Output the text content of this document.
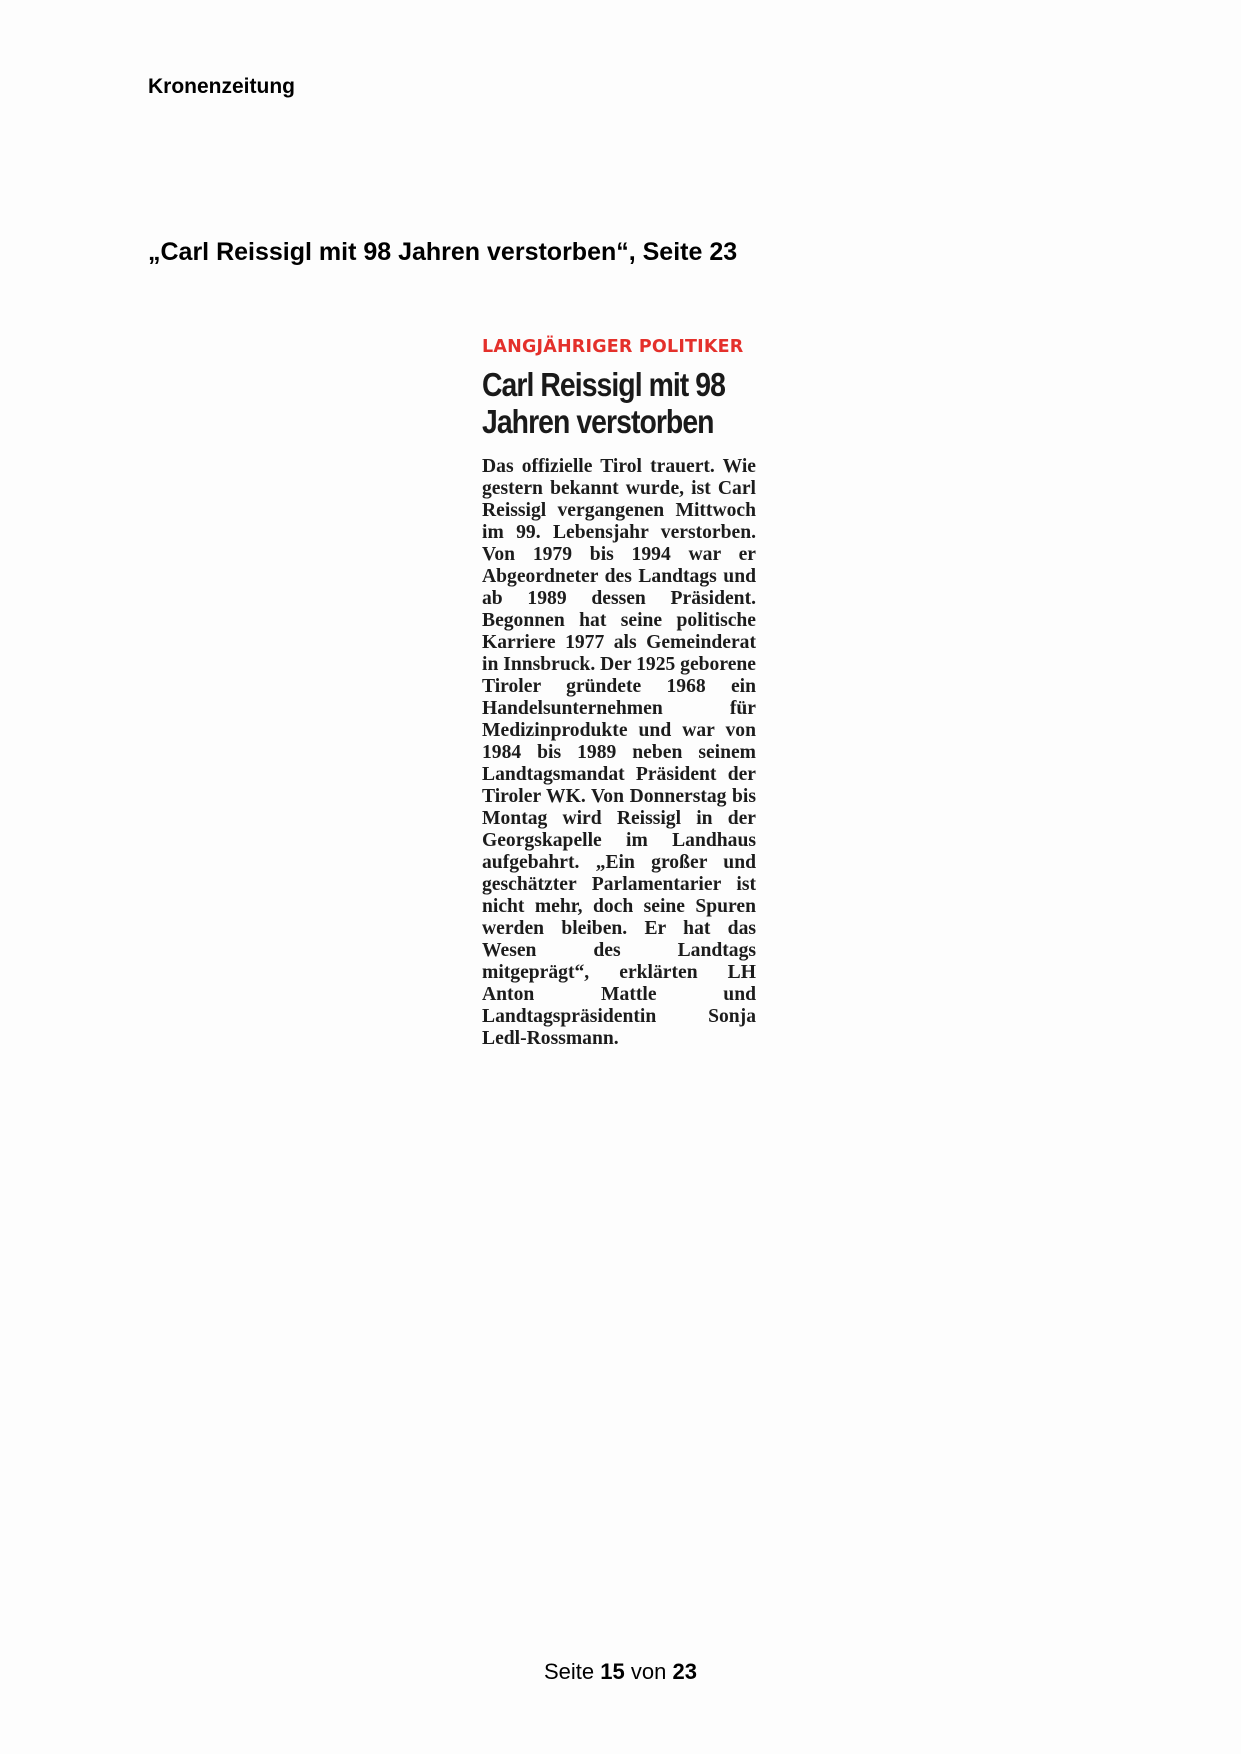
Kronenzeitung
„Carl Reissigl mit 98 Jahren verstorben“, Seite 23
LANGJÄHRIGER POLITIKER
Carl Reissigl mit 98 Jahren verstorben
Das offizielle Tirol trauert. Wie gestern bekannt wurde, ist Carl Reissigl vergangenen Mittwoch im 99. Lebensjahr verstorben. Von 1979 bis 1994 war er Abgeordneter des Landtags und ab 1989 dessen Präsident. Begonnen hat seine politische Karriere 1977 als Gemeinderat in Innsbruck. Der 1925 geborene Tiroler gründete 1968 ein Handelsunternehmen für Medizinprodukte und war von 1984 bis 1989 neben seinem Landtagsmandat Präsident der Tiroler WK. Von Donnerstag bis Montag wird Reissigl in der Georgskapelle im Landhaus aufgebahrt. „Ein großer und geschätzter Parlamentarier ist nicht mehr, doch seine Spuren werden bleiben. Er hat das Wesen des Landtags mitgeprägt“, erklärten LH Anton Mattle und Landtagspräsidentin Sonja Ledl-Rossmann.
Seite 15 von 23
